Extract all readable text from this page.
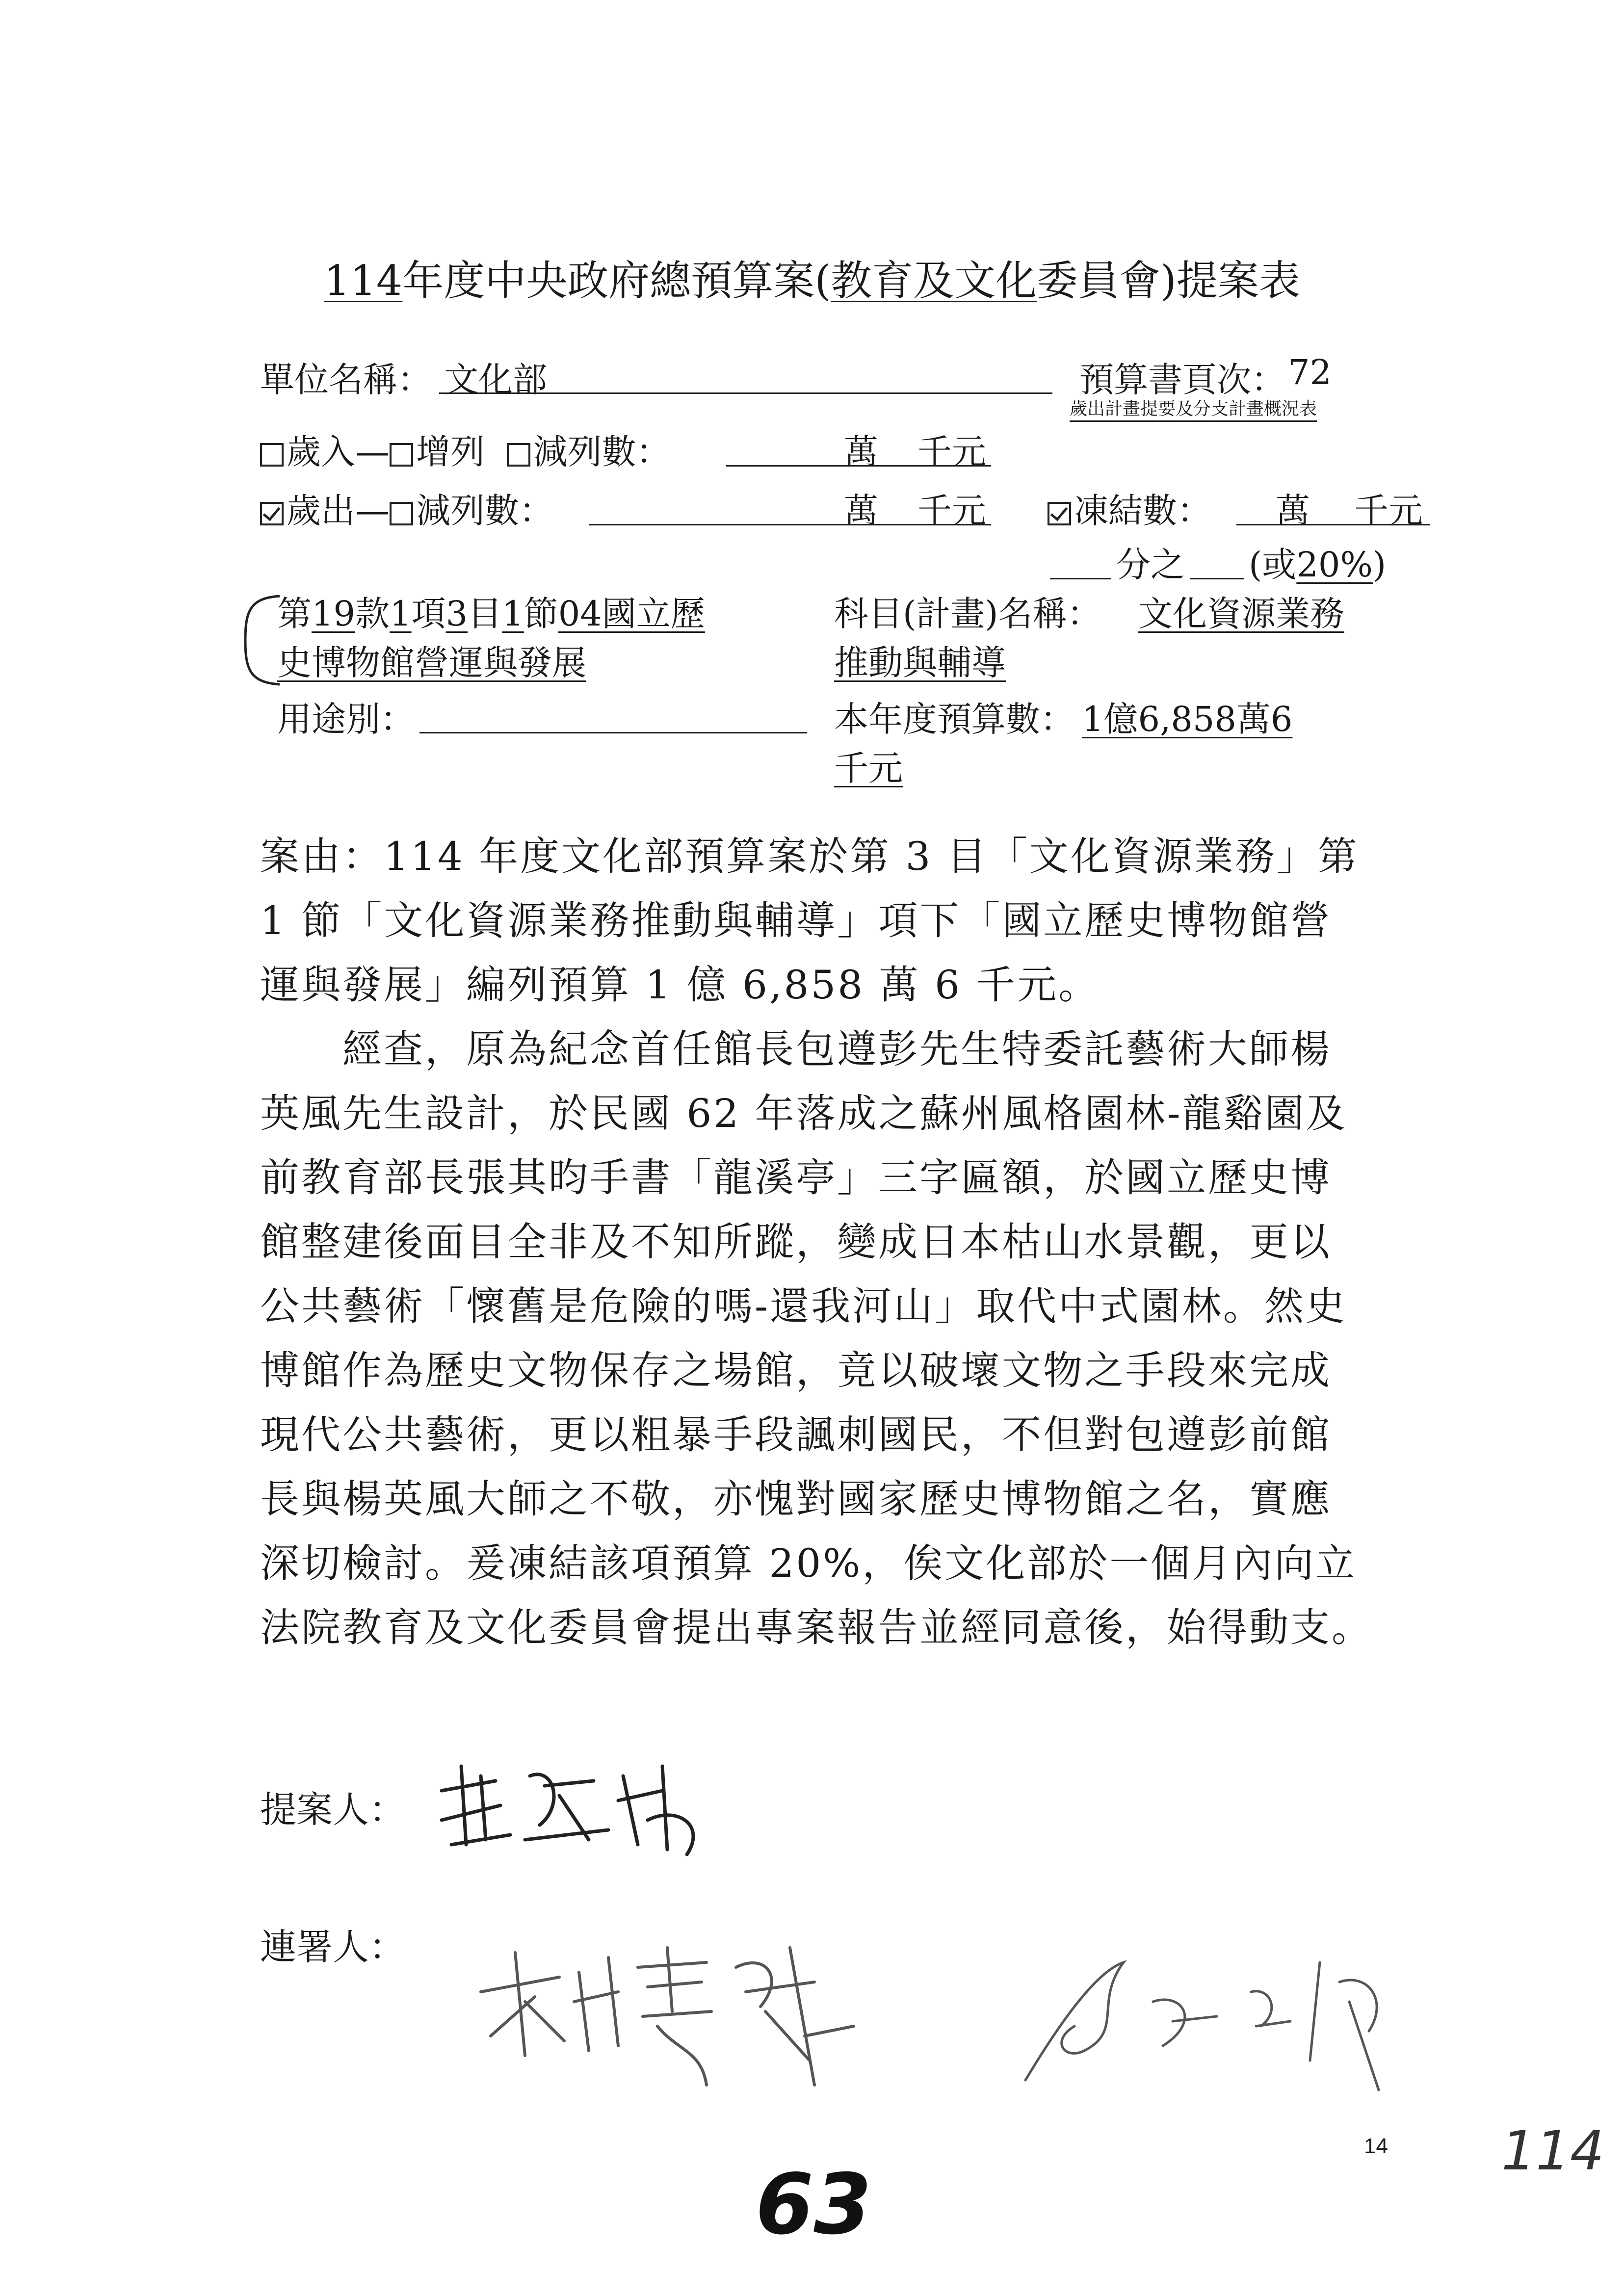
114年度中央政府總預算案(教育及文化委員會)提案表
單位名稱： 文化部	預算書頁次： 72
歲出計畫提要及分支計畫概況表
歲入— 增列 減列數：	萬 千元
歲出— 減列數：	萬 千元	凍結數： 萬 千元
分之 (或20%)
第19款1項3目1節04國立歷
史博物館營運與發展
用途別：
科目(計畫)名稱： 文化資源業務
推動與輔導
本年度預算數： 1億6,858萬6
千元
案由：114 年度文化部預算案於第 3 目「文化資源業務」第
1 節「文化資源業務推動與輔導」項下「國立歷史博物館營
運與發展」編列預算 1 億 6,858 萬 6 千元。
　　經查，原為紀念首任館長包遵彭先生特委託藝術大師楊
英風先生設計，於民國 62 年落成之蘇州風格園林-龍谿園及
前教育部長張其昀手書「龍溪亭」三字匾額，於國立歷史博
館整建後面目全非及不知所蹤，變成日本枯山水景觀，更以
公共藝術「懷舊是危險的嗎-還我河山」取代中式園林。然史
博館作為歷史文物保存之場館，竟以破壞文物之手段來完成
現代公共藝術，更以粗暴手段諷刺國民，不但對包遵彭前館
長與楊英風大師之不敬，亦愧對國家歷史博物館之名，實應
深切檢討。爰凍結該項預算 20%，俟文化部於一個月內向立
法院教育及文化委員會提出專案報告並經同意後，始得動支。
提案人：
連署人：
14
63
114
